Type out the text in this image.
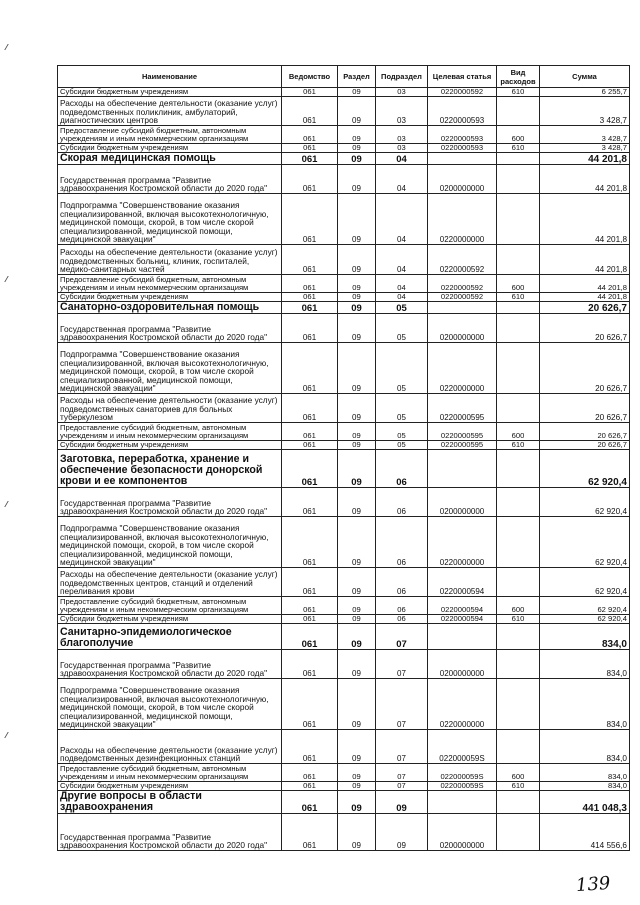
Наименование	Ведомство	Раздел	Подраздел	Целевая статья	Вид расходов	Сумма
Субсидии бюджетным учреждениям	061	09	03	0220000592	610	6 255,7
Расходы на обеспечение деятельности (оказание услуг) подведомственных поликлиник, амбулаторий, диагностических центров	061	09	03	0220000593		3 428,7
Предоставление субсидий бюджетным, автономным учреждениям и иным некоммерческим организациям	061	09	03	0220000593	600	3 428,7
Субсидии бюджетным учреждениям	061	09	03	0220000593	610	3 428,7
Скорая медицинская помощь	061	09	04			44 201,8
Государственная программа "Развитие здравоохранения Костромской области до 2020 года"	061	09	04	0200000000		44 201,8
Подпрограмма "Совершенствование оказания специализированной, включая высокотехнологичную, медицинской помощи, скорой, в том числе скорой специализированной, медицинской помощи, медицинской эвакуации"	061	09	04	0220000000		44 201,8
Расходы на обеспечение деятельности (оказание услуг) подведомственных больниц, клиник, госпиталей, медико-санитарных частей	061	09	04	0220000592		44 201,8
Предоставление субсидий бюджетным, автономным учреждениям и иным некоммерческим организациям	061	09	04	0220000592	600	44 201,8
Субсидии бюджетным учреждениям	061	09	04	0220000592	610	44 201,8
Санаторно-оздоровительная помощь	061	09	05			20 626,7
Государственная программа "Развитие здравоохранения Костромской области до 2020 года"	061	09	05	0200000000		20 626,7
Подпрограмма "Совершенствование оказания специализированной, включая высокотехнологичную, медицинской помощи, скорой, в том числе скорой специализированной, медицинской помощи, медицинской эвакуации"	061	09	05	0220000000		20 626,7
Расходы на обеспечение деятельности (оказание услуг) подведомственных санаториев для больных туберкулезом	061	09	05	0220000595		20 626,7
Предоставление субсидий бюджетным, автономным учреждениям и иным некоммерческим организациям	061	09	05	0220000595	600	20 626,7
Субсидии бюджетным учреждениям	061	09	05	0220000595	610	20 626,7
Заготовка, переработка, хранение и обеспечение безопасности донорской крови и ее компонентов	061	09	06			62 920,4
Государственная программа "Развитие здравоохранения Костромской области до 2020 года"	061	09	06	0200000000		62 920,4
Подпрограмма "Совершенствование оказания специализированной, включая высокотехнологичную, медицинской помощи, скорой, в том числе скорой специализированной, медицинской помощи, медицинской эвакуации"	061	09	06	0220000000		62 920,4
Расходы на обеспечение деятельности (оказание услуг) подведомственных центров, станций и отделений переливания крови	061	09	06	0220000594		62 920,4
Предоставление субсидий бюджетным, автономным учреждениям и иным некоммерческим организациям	061	09	06	0220000594	600	62 920,4
Субсидии бюджетным учреждениям	061	09	06	0220000594	610	62 920,4
Санитарно-эпидемиологическое благополучие	061	09	07			834,0
Государственная программа "Развитие здравоохранения Костромской области до 2020 года"	061	09	07	0200000000		834,0
Подпрограмма "Совершенствование оказания специализированной, включая высокотехнологичную, медицинской помощи, скорой, в том числе скорой специализированной, медицинской помощи, медицинской эвакуации"	061	09	07	0220000000		834,0
Расходы на обеспечение деятельности (оказание услуг) подведомственных дезинфекционных станций	061	09	07	022000059S		834,0
Предоставление субсидий бюджетным, автономным учреждениям и иным некоммерческим организациям	061	09	07	022000059S	600	834,0
Субсидии бюджетным учреждениям	061	09	07	022000059S	610	834,0
Другие вопросы в области здравоохранения	061	09	09			441 048,3
Государственная программа "Развитие здравоохранения Костромской области до 2020 года"	061	09	09	0200000000		414 556,6
139
